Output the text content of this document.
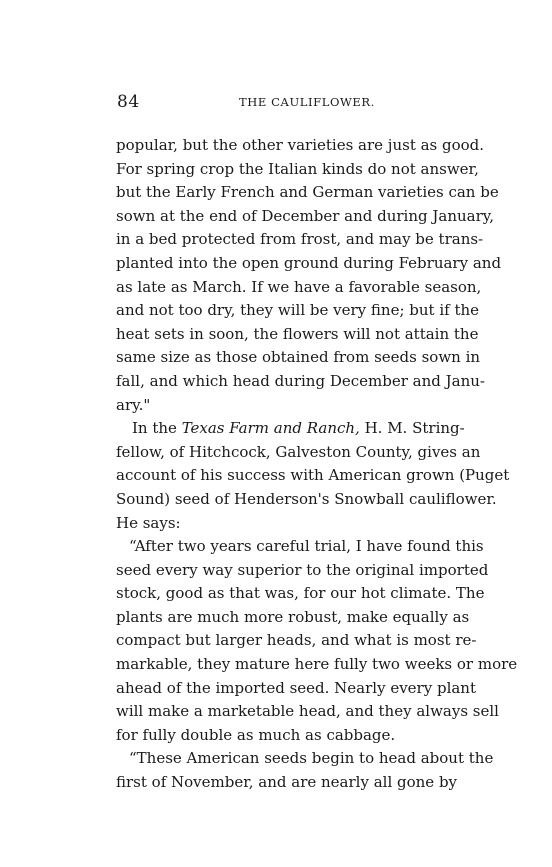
84	THE CAULIFLOWER.
popular, but the other varieties are just as good.
For spring crop the Italian kinds do not answer,
but the Early French and German varieties can be
sown at the end of December and during January,
in a bed protected from frost, and may be trans-
planted into the open ground during February and
as late as March. If we have a favorable season,
and not too dry, they will be very fine; but if the
heat sets in soon, the flowers will not attain the
same size as those obtained from seeds sown in
fall, and which head during December and Janu-
ary."
In the Texas Farm and Ranch, H. M. String-
fellow, of Hitchcock, Galveston County, gives an
account of his success with American grown (Puget
Sound) seed of Henderson's Snowball cauliflower.
He says:
“After two years careful trial, I have found this
seed every way superior to the original imported
stock, good as that was, for our hot climate. The
plants are much more robust, make equally as
compact but larger heads, and what is most re-
markable, they mature here fully two weeks or more
ahead of the imported seed. Nearly every plant
will make a marketable head, and they always sell
for fully double as much as cabbage.
“These American seeds begin to head about the
first of November, and are nearly all gone by
